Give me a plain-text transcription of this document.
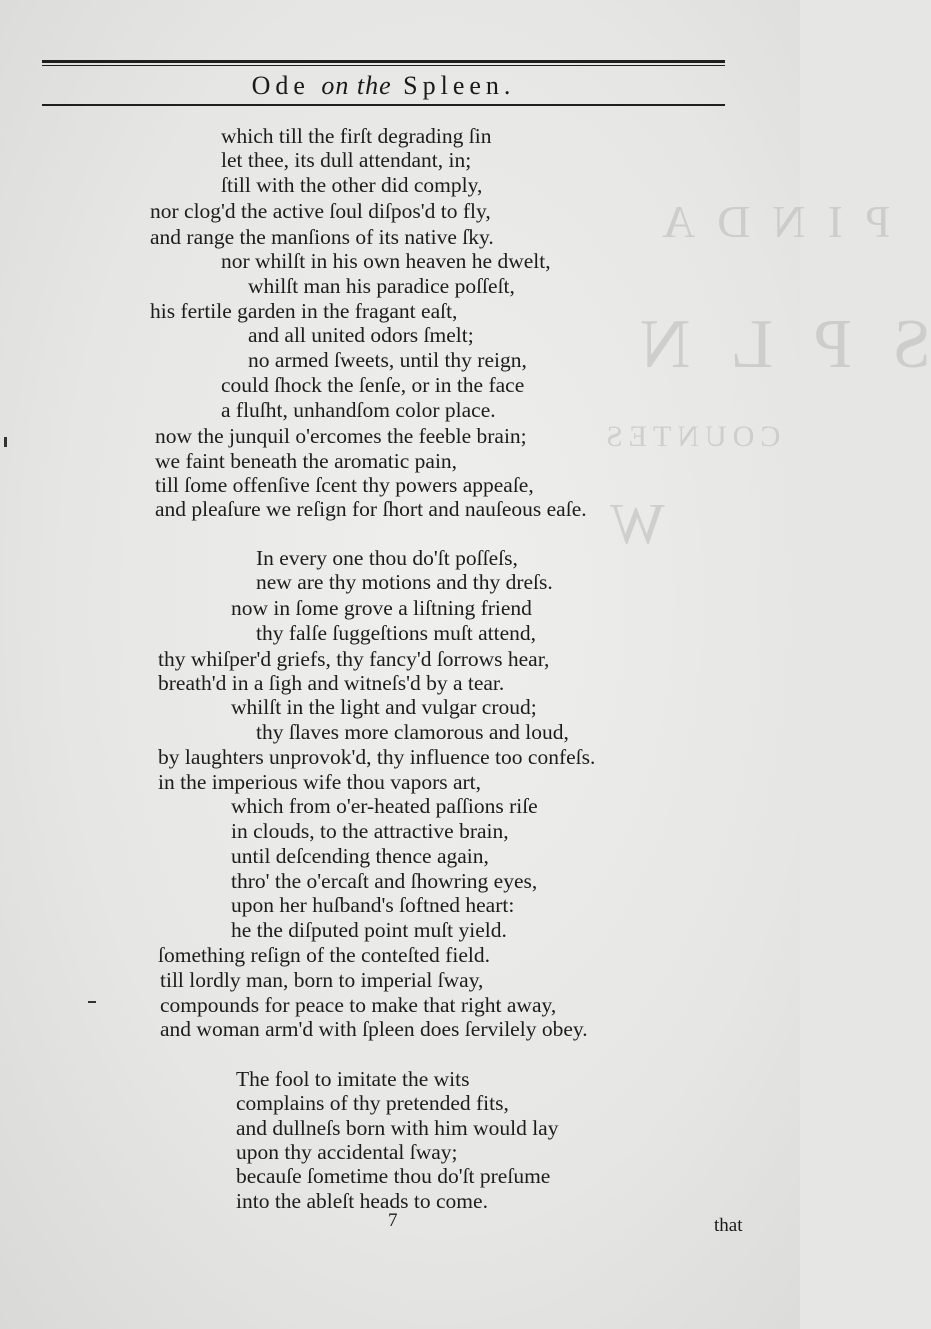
PINDA
SPLN
COUNTES
W
Ode on the Spleen.
which till the firſt degrading ſin
let thee, its dull attendant, in;
ſtill with the other did comply,
nor clog'd the active ſoul diſpos'd to fly,
and range the manſions of its native ſky.
nor whilſt in his own heaven he dwelt,
whilſt man his paradice poſſeſt,
his fertile garden in the fragant eaſt,
and all united odors ſmelt;
no armed ſweets, until thy reign,
could ſhock the ſenſe, or in the face
a fluſht, unhandſom color place.
now the junquil o'ercomes the feeble brain;
we faint beneath the aromatic pain,
till ſome offenſive ſcent thy powers appeaſe,
and pleaſure we reſign for ſhort and nauſeous eaſe.
In every one thou do'ſt poſſeſs,
new are thy motions and thy dreſs.
now in ſome grove a liſtning friend
thy falſe ſuggeſtions muſt attend,
thy whiſper'd griefs, thy fancy'd ſorrows hear,
breath'd in a ſigh and witneſs'd by a tear.
whilſt in the light and vulgar croud;
thy ſlaves more clamorous and loud,
by laughters unprovok'd, thy influence too confeſs.
in the imperious wife thou vapors art,
which from o'er-heated paſſions riſe
in clouds, to the attractive brain,
until deſcending thence again,
thro' the o'ercaſt and ſhowring eyes,
upon her huſband's ſoftned heart:
he the diſputed point muſt yield.
ſomething reſign of the conteſted field.
till lordly man, born to imperial ſway,
compounds for peace to make that right away,
and woman arm'd with ſpleen does ſervilely obey.
The fool to imitate the wits
complains of thy pretended fits,
and dullneſs born with him would lay
upon thy accidental ſway;
becauſe ſometime thou do'ſt preſume
into the ableſt heads to come.
7	that
